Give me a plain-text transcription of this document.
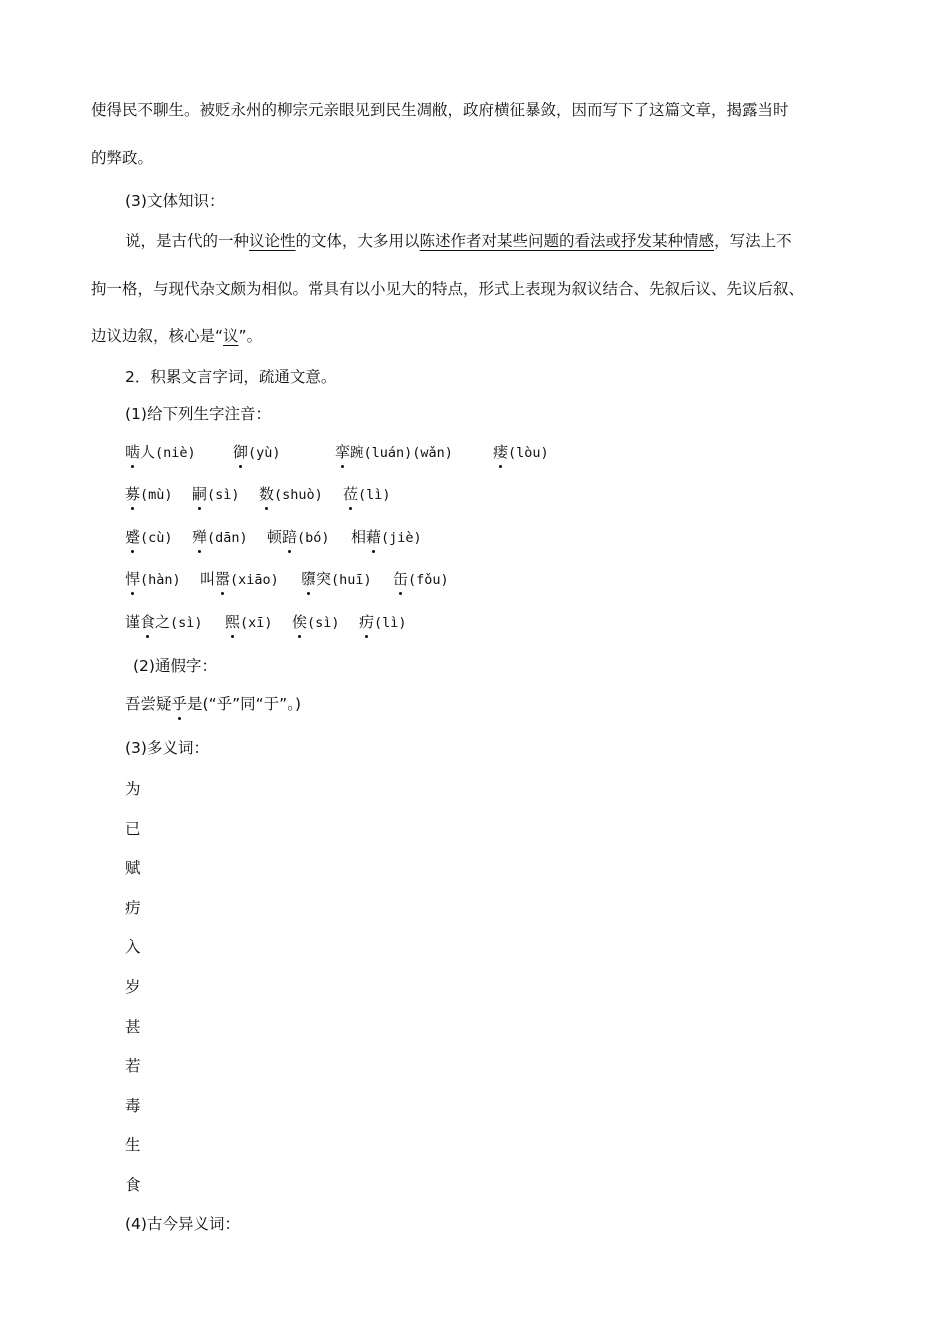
使得民不聊生。被贬永州的柳宗元亲眼见到民生凋敝，政府横征暴敛，因而写下了这篇文章，揭露当时
的弊政。
(3)文体知识：
说，是古代的一种议论性的文体，大多用以陈述作者对某些问题的看法或抒发某种情感，写法上不
拘一格，与现代杂文颇为相似。常具有以小见大的特点，形式上表现为叙议结合、先叙后议、先议后叙、
边议边叙，核心是“议”。
2．积累文言字词，疏通文意。
(1)给下列生字注音：
啮人(niè) 御(yù)	挛踠(luán)(wǎn)	瘘(lòu)
募(mù) 嗣(sì) 数(shuò) 莅(lì)
蹙(cù) 殚(dān) 顿踣(bó) 相藉(jiè)
悍(hàn) 叫嚣(xiāo) 隳突(huī) 缶(fǒu)
谨食之(sì) 熙(xī) 俟(sì) 疠(lì)
(2)通假字：
吾尝疑乎是(“乎”同“于”。)
(3)多义词：
为
已
赋
疠
入
岁
甚
若
毒
生
食
(4)古今异义词：
